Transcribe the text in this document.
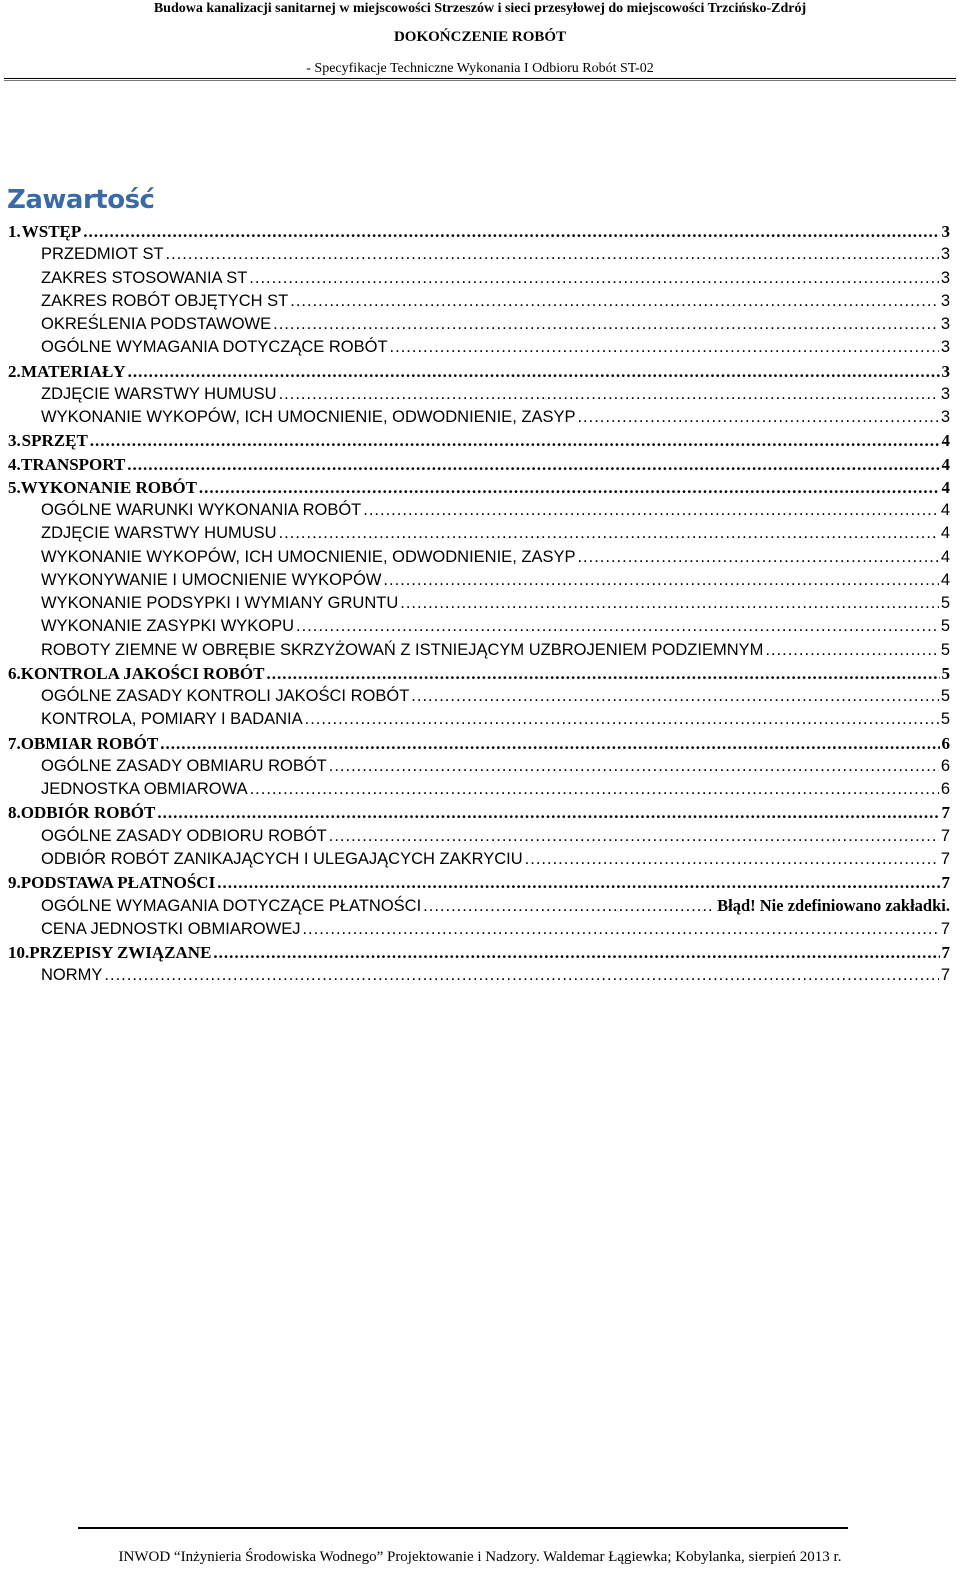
Budowa kanalizacji sanitarnej w miejscowości Strzeszów i sieci przesyłowej do miejscowości Trzcińsko-Zdrój
DOKOŃCZENIE ROBÓT
- Specyfikacje Techniczne Wykonania I Odbioru Robót ST-02
Zawartość
1. WSTĘP .....	3
PRZEDMIOT ST .....	3
ZAKRES STOSOWANIA ST .....	3
ZAKRES ROBÓT OBJĘTYCH ST .....	3
OKREŚLENIA PODSTAWOWE .....	3
OGÓLNE WYMAGANIA DOTYCZĄCE ROBÓT .....	3
2. MATERIAŁY .....	3
ZDJĘCIE WARSTWY HUMUSU .....	3
WYKONANIE WYKOPÓW, ICH UMOCNIENIE, ODWODNIENIE, ZASYP .....	3
3. SPRZĘT .....	4
4. TRANSPORT .....	4
5. WYKONANIE ROBÓT .....	4
OGÓLNE WARUNKI WYKONANIA ROBÓT .....	4
ZDJĘCIE WARSTWY HUMUSU .....	4
WYKONANIE WYKOPÓW, ICH UMOCNIENIE, ODWODNIENIE, ZASYP .....	4
WYKONYWANIE I UMOCNIENIE WYKOPÓW .....	4
WYKONANIE PODSYPKI I WYMIANY GRUNTU .....	5
WYKONANIE ZASYPKI WYKOPU .....	5
ROBOTY ZIEMNE W OBRĘBIE SKRZYŻOWAŃ Z ISTNIEJĄCYM UZBROJENIEM PODZIEMNYM .....	5
6. KONTROLA JAKOŚCI ROBÓT .....	5
OGÓLNE ZASADY KONTROLI JAKOŚCI ROBÓT .....	5
KONTROLA, POMIARY I BADANIA .....	5
7. OBMIAR ROBÓT .....	6
OGÓLNE ZASADY OBMIARU ROBÓT .....	6
JEDNOSTKA OBMIAROWA .....	6
8. ODBIÓR ROBÓT .....	7
OGÓLNE ZASADY ODBIORU ROBÓT .....	7
ODBIÓR ROBÓT ZANIKAJĄCYCH I ULEGAJĄCYCH ZAKRYCIU .....	7
9. PODSTAWA PŁATNOŚCI .....	7
OGÓLNE WYMAGANIA DOTYCZĄCE PŁATNOŚCI .....	Błąd! Nie zdefiniowano zakładki.
CENA JEDNOSTKI OBMIAROWEJ .....	7
10. PRZEPISY ZWIĄZANE .....	7
NORMY .....	7
INWOD “Inżynieria Środowiska Wodnego” Projektowanie i Nadzory. Waldemar Łągiewka; Kobylanka, sierpień 2013 r.
